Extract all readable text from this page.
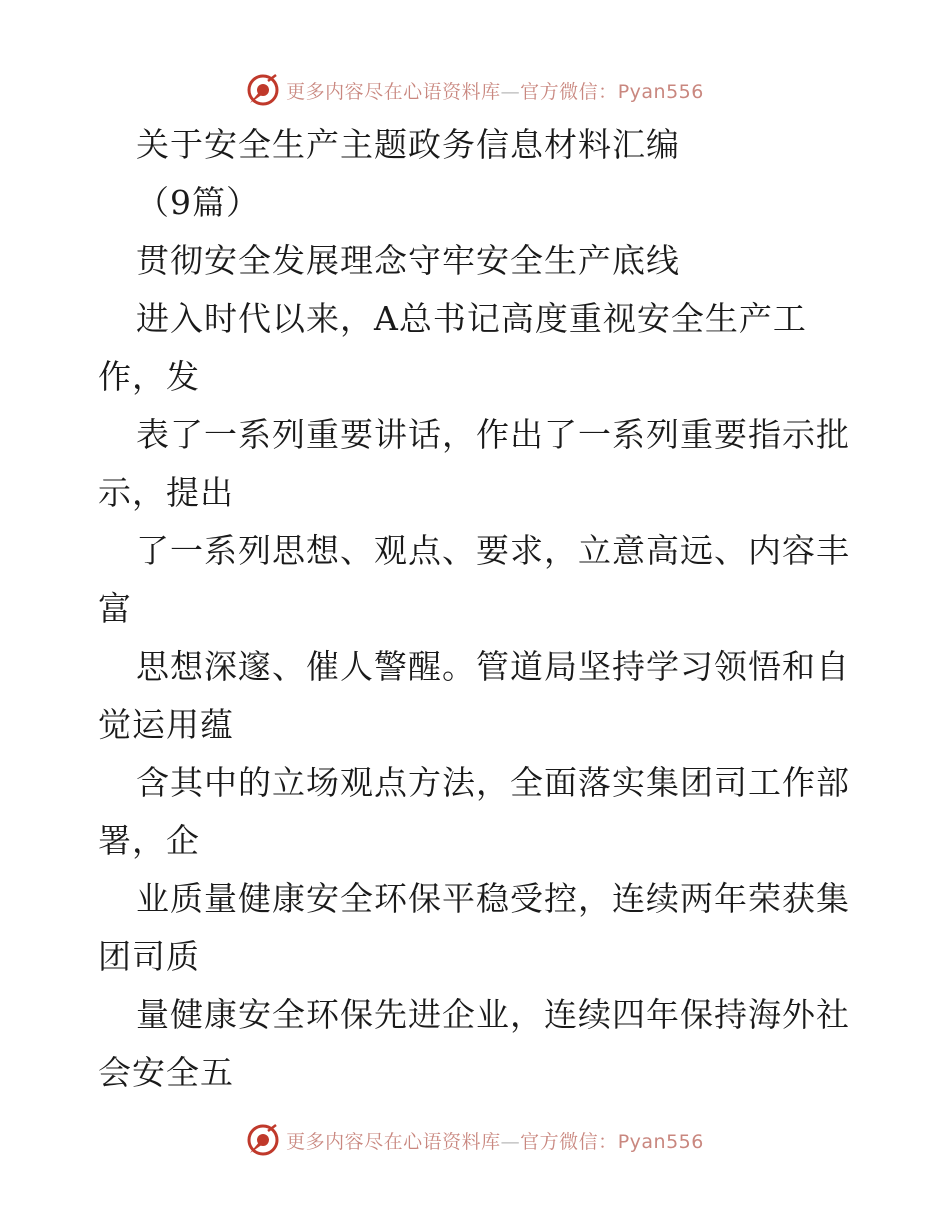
更多内容尽在心语资料库—官方微信：Pyan556
关于安全生产主题政务信息材料汇编
（9篇）
贯彻安全发展理念守牢安全生产底线
进入时代以来，A总书记高度重视安全生产工
作，发
表了一系列重要讲话，作出了一系列重要指示批
示，提出
了一系列思想、观点、要求，立意高远、内容丰
富
思想深邃、催人警醒。管道局坚持学习领悟和自
觉运用蕴
含其中的立场观点方法，全面落实集团司工作部
署，企
业质量健康安全环保平稳受控，连续两年荣获集
团司质
量健康安全环保先进企业，连续四年保持海外社
会安全五
更多内容尽在心语资料库—官方微信：Pyan556
